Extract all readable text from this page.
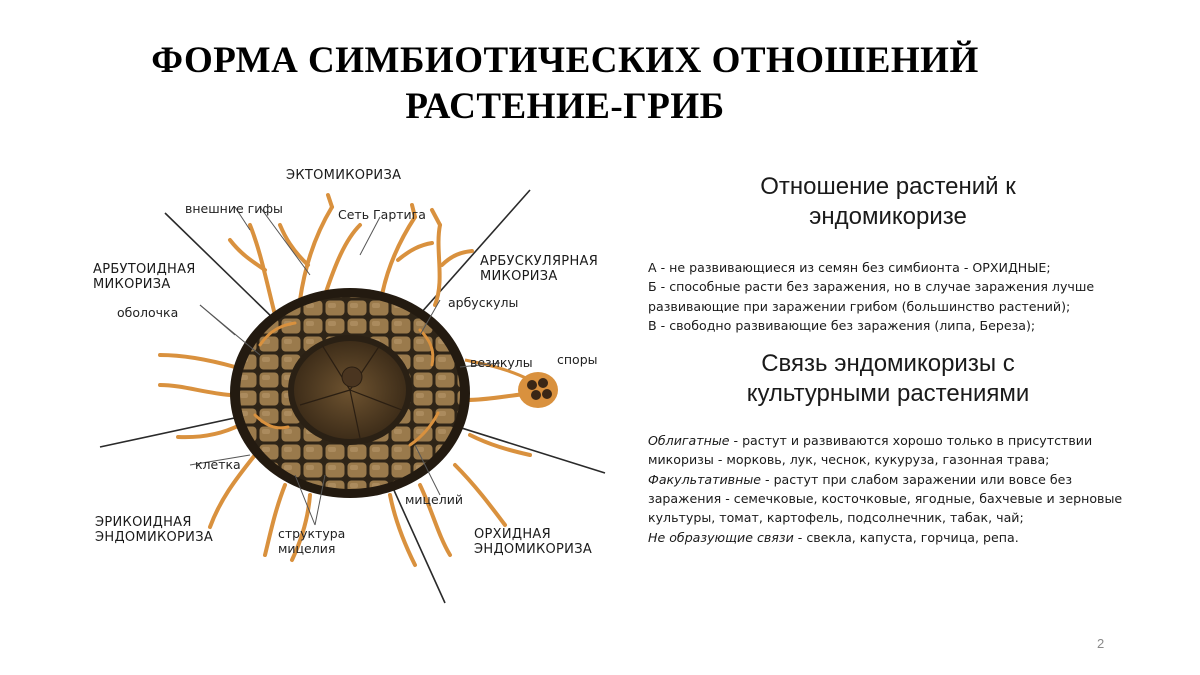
ФОРМА СИМБИОТИЧЕСКИХ ОТНОШЕНИЙ
РАСТЕНИЕ-ГРИБ
ЭКТОМИКОРИЗА
АРБУТОИДНАЯ
МИКОРИЗА
АРБУСКУЛЯРНАЯ
МИКОРИЗА
ЭРИКОИДНАЯ
ЭНДОМИКОРИЗА	ОРХИДНАЯ
ЭНДОМИКОРИЗА
внешние гифы	Сеть Гартига
оболочка
арбускулы
везикулы споры
клетка
мицелий
структура
мицелия
Отношение растений к
эндомикоризе

А - не развивающиеся из семян без симбионта - ОРХИДНЫЕ;

Б - способные расти без заражения, но в случае заражения лучше развивающие при заражении грибом (большинство растений);

В - свободно развивающие без заражения (липа, Береза);

Связь эндомикоризы с
культурными растениями

Облигатные - растут и развиваются хорошо только в присутствии микоризы - морковь, лук, чеснок, кукуруза, газонная трава;

Факультативные - растут при слабом заражении или вовсе без заражения - семечковые, косточковые, ягодные, бахчевые и зерновые культуры, томат, картофель, подсолнечник, табак, чай;

Не образующие связи - свекла, капуста, горчица, репа.

2
